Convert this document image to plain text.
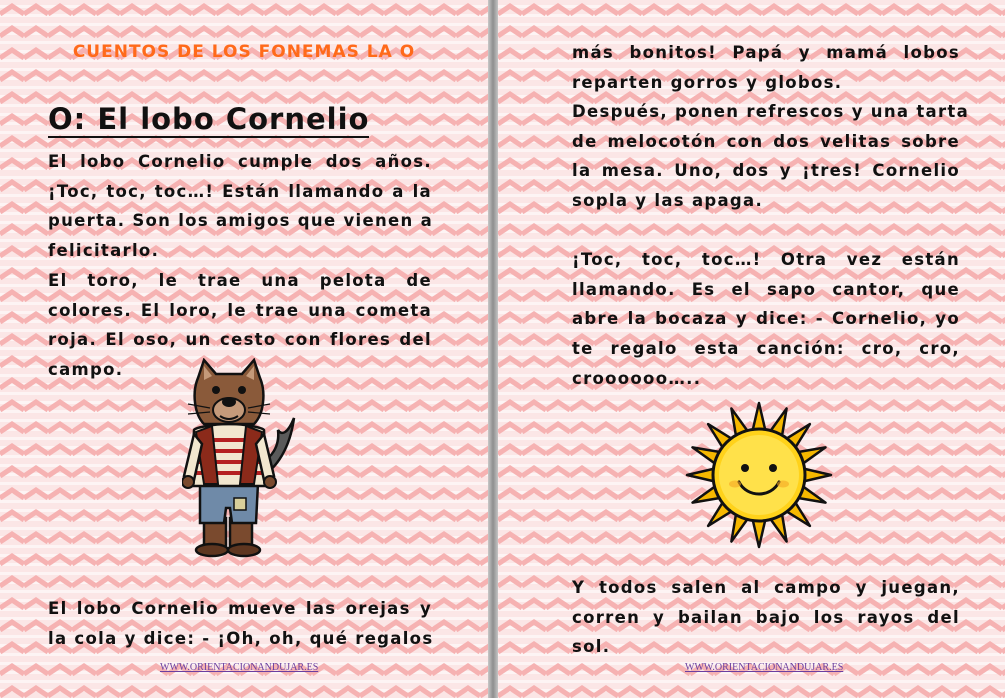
CUENTOS DE LOS FONEMAS LA O
O: El lobo Cornelio
El lobo Cornelio cumple dos años.
¡Toc, toc, toc…! Están llamando a la
puerta. Son los amigos que vienen a
felicitarlo.
El toro, le trae una pelota de
colores. El loro, le trae una cometa
roja. El oso, un cesto con flores del
campo.
El lobo Cornelio mueve las orejas y
la cola y dice: - ¡Oh, oh, qué regalos
WWW.ORIENTACIONANDUJAR.ES
más bonitos! Papá y mamá lobos
reparten gorros y globos.
Después, ponen refrescos y una tarta
de melocotón con dos velitas sobre
la mesa. Uno, dos y ¡tres! Cornelio
sopla y las apaga.
¡Toc, toc, toc…! Otra vez están
llamando. Es el sapo cantor, que
abre la bocaza y dice: - Cornelio, yo
te regalo esta canción: cro, cro,
croooooo…..
Y todos salen al campo y juegan,
corren y bailan bajo los rayos del
sol.
WWW.ORIENTACIONANDUJAR.ES
